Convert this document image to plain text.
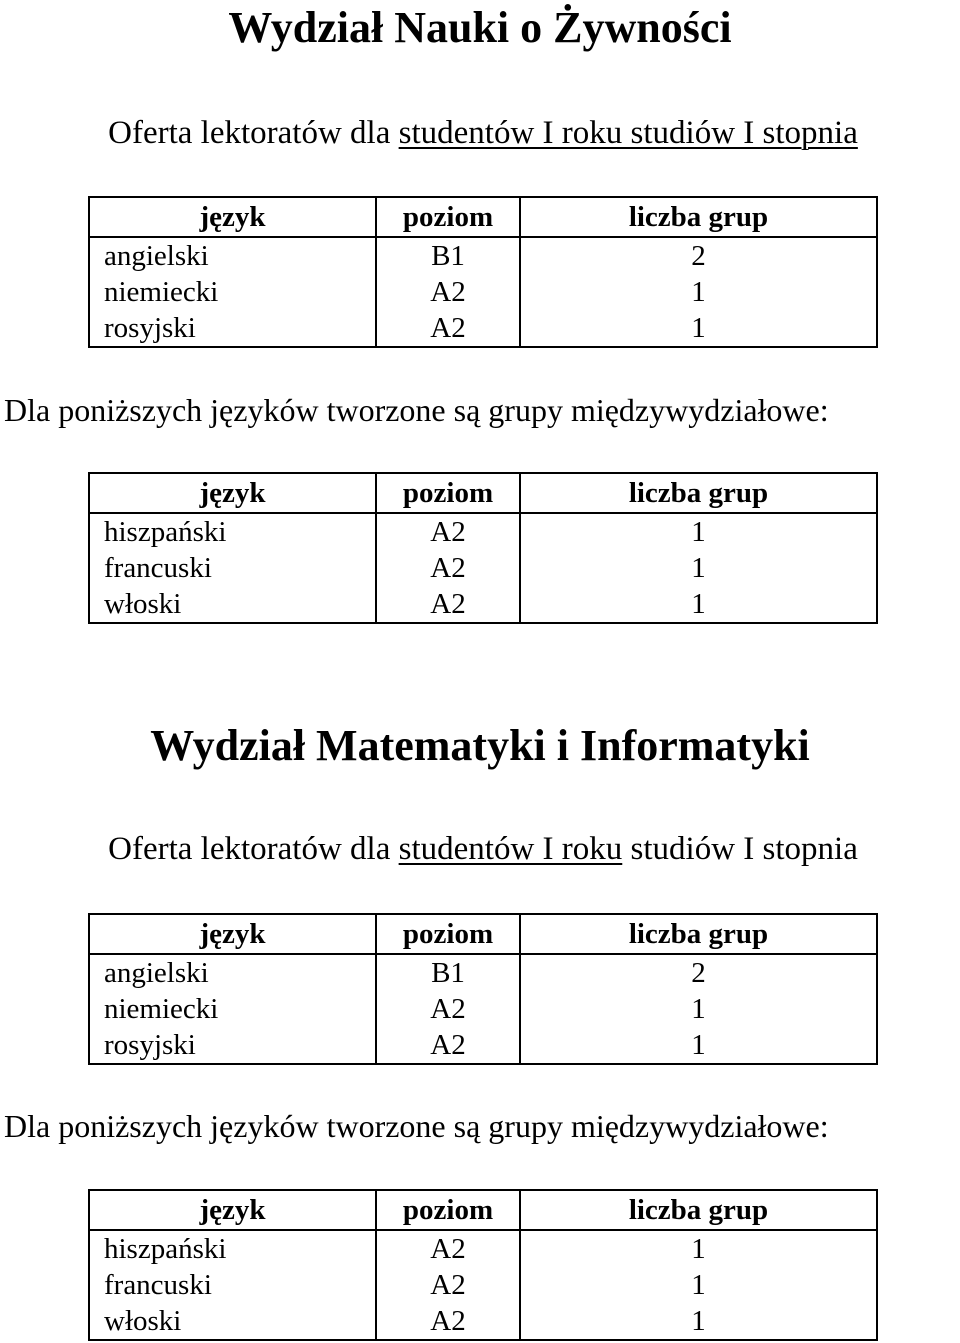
Wydział Nauki o Żywności

Oferta lektoratów dla studentów I roku studiów I stopnia

język	poziom	liczba grup
angielski	B1	2
niemiecki	A2	1
rosyjski	A2	1

Dla poniższych języków tworzone są grupy międzywydziałowe:

język	poziom	liczba grup
hiszpański	A2	1
francuski	A2	1
włoski	A2	1
Wydział Matematyki i Informatyki

Oferta lektoratów dla studentów I roku studiów I stopnia

język	poziom	liczba grup
angielski	B1	2
niemiecki	A2	1
rosyjski	A2	1

Dla poniższych języków tworzone są grupy międzywydziałowe:

język	poziom	liczba grup
hiszpański	A2	1
francuski	A2	1
włoski	A2	1
